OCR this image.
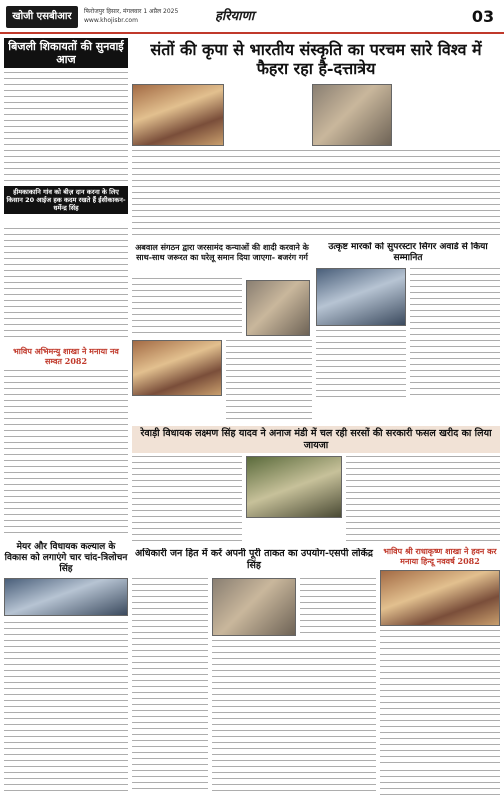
खोजी एसबीआर	फिरोजपुर हिसार, मंगलवार 1 अप्रैल 2025
www.khojisbr.com	हरियाणा	03
बिजली शिकायतों की सुनवाई आज
हीमकाकानि गांव को बीज़ दान करना के लिए किसान 20 आईज हक कदम रखते हैं ईसीकाकन-धर्मेन्द्र सिंह
संतों की कृपा से भारतीय संस्कृति का परचम सारे विश्व में फैहरा रहा है-दत्तात्रेय
भाविप अभिमन्यु शाखा ने मनाया नव सम्वत 2082
अबवाल संगठन द्वारा जरसामंद कन्याओं की शादी करवाने के साथ-साथ जरूरत का घरेलू समान दिया जाएगा- बजरंग गर्ग
उत्कृष्ट मारकों को सुपरस्टार सिंगर अवार्ड से किया सम्मानित
रेवाड़ी विधायक लक्ष्मण सिंह यादव ने अनाज मंडी में चल रही सरसों की सरकारी फसल खरीद का लिया जायजा
भाविप श्री राधाकृष्ण शाखा ने हवन कर मनाया हिन्दू नववर्ष 2082
मेयर और विधायक कल्याल के विकास को लगाएंगे चार चांद-त्रिलोचन सिंह
अधिकारी जन हित में कर्र अपनी पूरी ताकत का उपयोग-एसपी लोकेंद्र सिंह
